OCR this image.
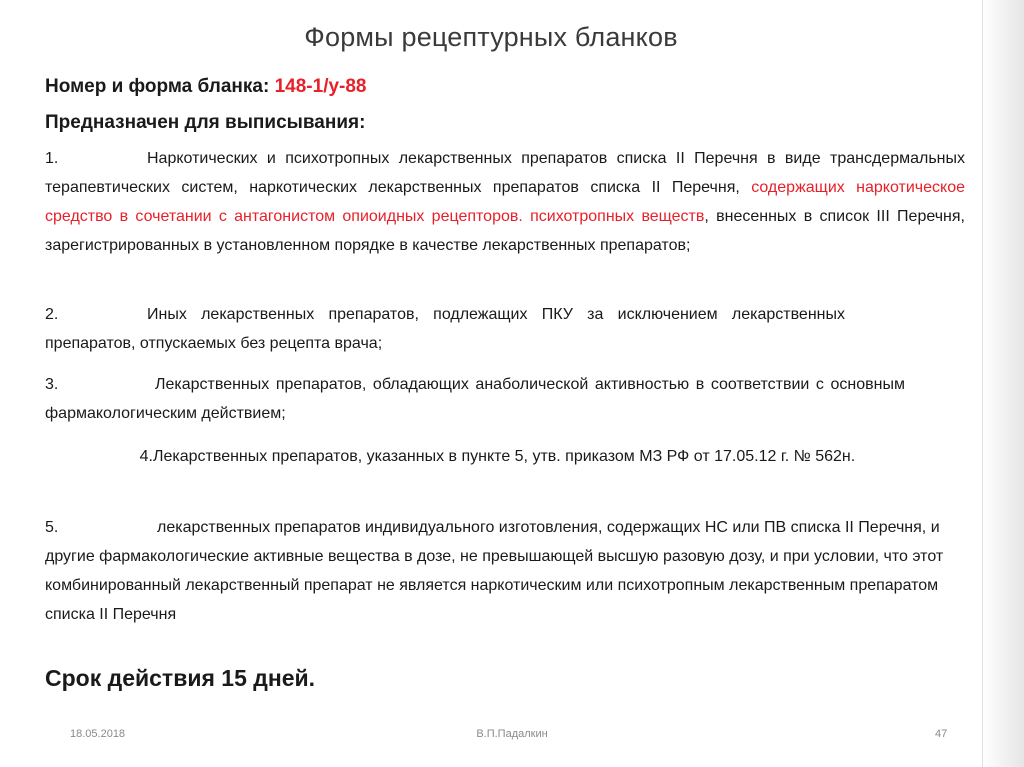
Формы рецептурных бланков
Номер и форма бланка: 148-1/у-88
Предназначен для выписывания:
1.	Наркотических и психотропных лекарственных препаратов списка II Перечня в виде трансдермальных терапевтических систем, наркотических лекарственных препаратов списка II Перечня, содержащих наркотическое средство в сочетании с антагонистом опиоидных рецепторов. психотропных веществ, внесенных в список III Перечня, зарегистрированных в установленном порядке в качестве лекарственных препаратов;
2.	Иных лекарственных препаратов, подлежащих ПКУ за исключением лекарственных препаратов, отпускаемых без рецепта врача;
3.	Лекарственных препаратов, обладающих анаболической активностью в соответствии с основным фармакологическим действием;
4.Лекарственных препаратов, указанных в пункте 5, утв. приказом МЗ РФ от 17.05.12 г. № 562н.
5.	лекарственных препаратов индивидуального изготовления, содержащих НС или ПВ списка II Перечня, и другие фармакологические активные вещества в дозе, не превышающей высшую разовую дозу, и при условии, что этот комбинированный лекарственный препарат не является наркотическим или психотропным лекарственным препаратом списка II Перечня
Срок действия 15 дней.
18.05.2018	В.П.Падалкин	47
